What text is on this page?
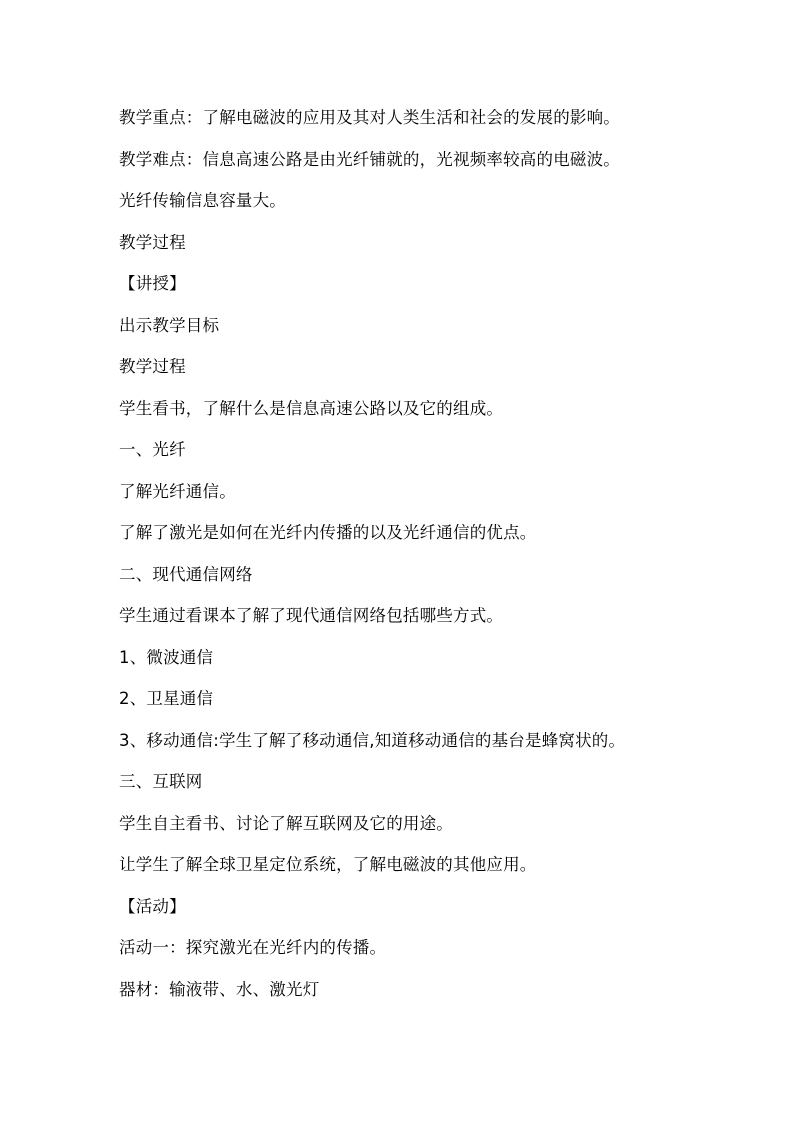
教学重点：了解电磁波的应用及其对人类生活和社会的发展的影响。
教学难点：信息高速公路是由光纤铺就的，光视频率较高的电磁波。
光纤传输信息容量大。
教学过程
【讲授】
出示教学目标
教学过程
学生看书，了解什么是信息高速公路以及它的组成。
一、光纤
了解光纤通信。
了解了激光是如何在光纤内传播的以及光纤通信的优点。
二、现代通信网络
学生通过看课本了解了现代通信网络包括哪些方式。
1、微波通信
2、卫星通信
3、移动通信:学生了解了移动通信,知道移动通信的基台是蜂窝状的。
三、互联网
学生自主看书、讨论了解互联网及它的用途。
让学生了解全球卫星定位系统，了解电磁波的其他应用。
【活动】
活动一：探究激光在光纤内的传播。
器材：输液带、水、激光灯
